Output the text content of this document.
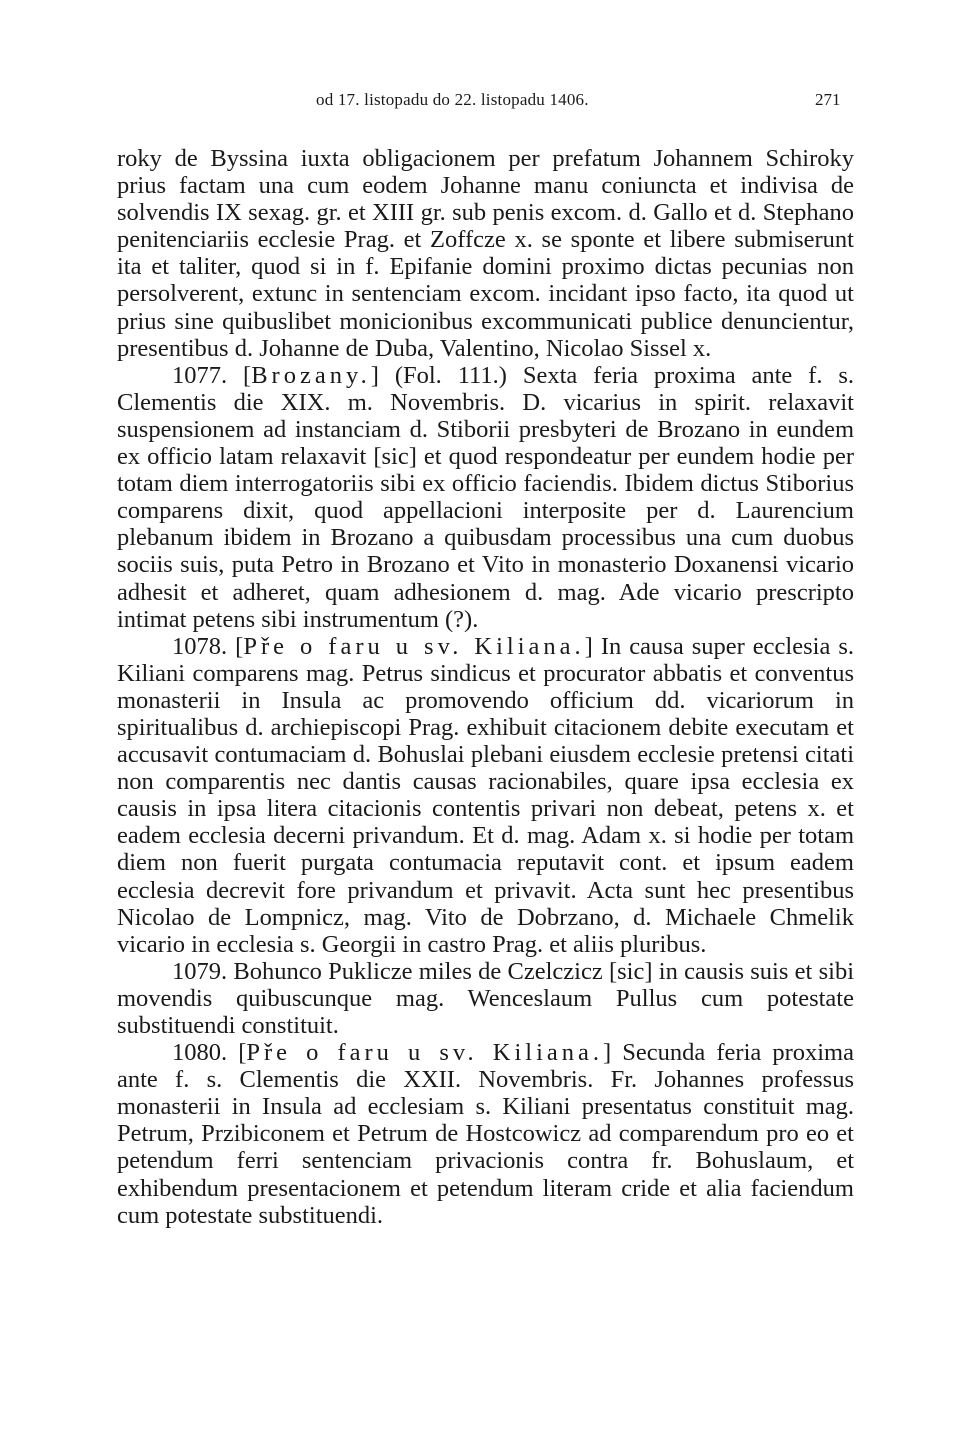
od 17. listopadu do 22. listopadu 1406.	271

roky de Byssina iuxta obligacionem per prefatum Johannem Schiroky prius factam una cum eodem Johanne manu coniuncta et indivisa de solvendis IX sexag. gr. et XIII gr. sub penis excom. d. Gallo et d. Stephano penitenciariis ecclesie Prag. et Zoffcze x. se sponte et libere submiserunt ita et taliter, quod si in f. Epifanie domini proximo dictas pecunias non persolverent, extunc in sentenciam excom. incidant ipso facto, ita quod ut prius sine quibuslibet monicionibus excommunicati publice denuncientur, presentibus d. Johanne de Duba, Valentino, Nicolao Sissel x.

1077. [Brozany.] (Fol. 111.) Sexta feria proxima ante f. s. Clementis die XIX. m. Novembris. D. vicarius in spirit. relaxavit suspensionem ad instanciam d. Stiborii presbyteri de Brozano in eundem ex officio latam relaxavit [sic] et quod respondeatur per eundem hodie per totam diem interrogatoriis sibi ex officio faciendis. Ibidem dictus Stiborius comparens dixit, quod appellacioni interposite per d. Laurencium plebanum ibidem in Brozano a quibusdam processibus una cum duobus sociis suis, puta Petro in Brozano et Vito in monasterio Doxanensi vicario adhesit et adheret, quam adhesionem d. mag. Ade vicario prescripto intimat petens sibi instrumentum (?).

1078. [Pře o faru u sv. Kiliana.] In causa super ecclesia s. Kiliani comparens mag. Petrus sindicus et procurator abbatis et conventus monasterii in Insula ac promovendo officium dd. vicariorum in spiritualibus d. archiepiscopi Prag. exhibuit citacionem debite executam et accusavit contumaciam d. Bohuslai plebani eiusdem ecclesie pretensi citati non comparentis nec dantis causas racionabiles, quare ipsa ecclesia ex causis in ipsa litera citacionis contentis privari non debeat, petens x. et eadem ecclesia decerni privandum. Et d. mag. Adam x. si hodie per totam diem non fuerit purgata contumacia reputavit cont. et ipsum eadem ecclesia decrevit fore privandum et privavit. Acta sunt hec presentibus Nicolao de Lompnicz, mag. Vito de Dobrzano, d. Michaele Chmelik vicario in ecclesia s. Georgii in castro Prag. et aliis pluribus.

1079. Bohunco Puklicze miles de Czelczicz [sic] in causis suis et sibi movendis quibuscunque mag. Wenceslaum Pullus cum potestate substituendi constituit.

1080. [Pře o faru u sv. Kiliana.] Secunda feria proxima ante f. s. Clementis die XXII. Novembris. Fr. Johannes professus monasterii in Insula ad ecclesiam s. Kiliani presentatus constituit mag. Petrum, Przibiconem et Petrum de Hostcowicz ad comparendum pro eo et petendum ferri sentenciam privacionis contra fr. Bohuslaum, et exhibendum presentacionem et petendum literam cride et alia faciendum cum potestate substituendi.
